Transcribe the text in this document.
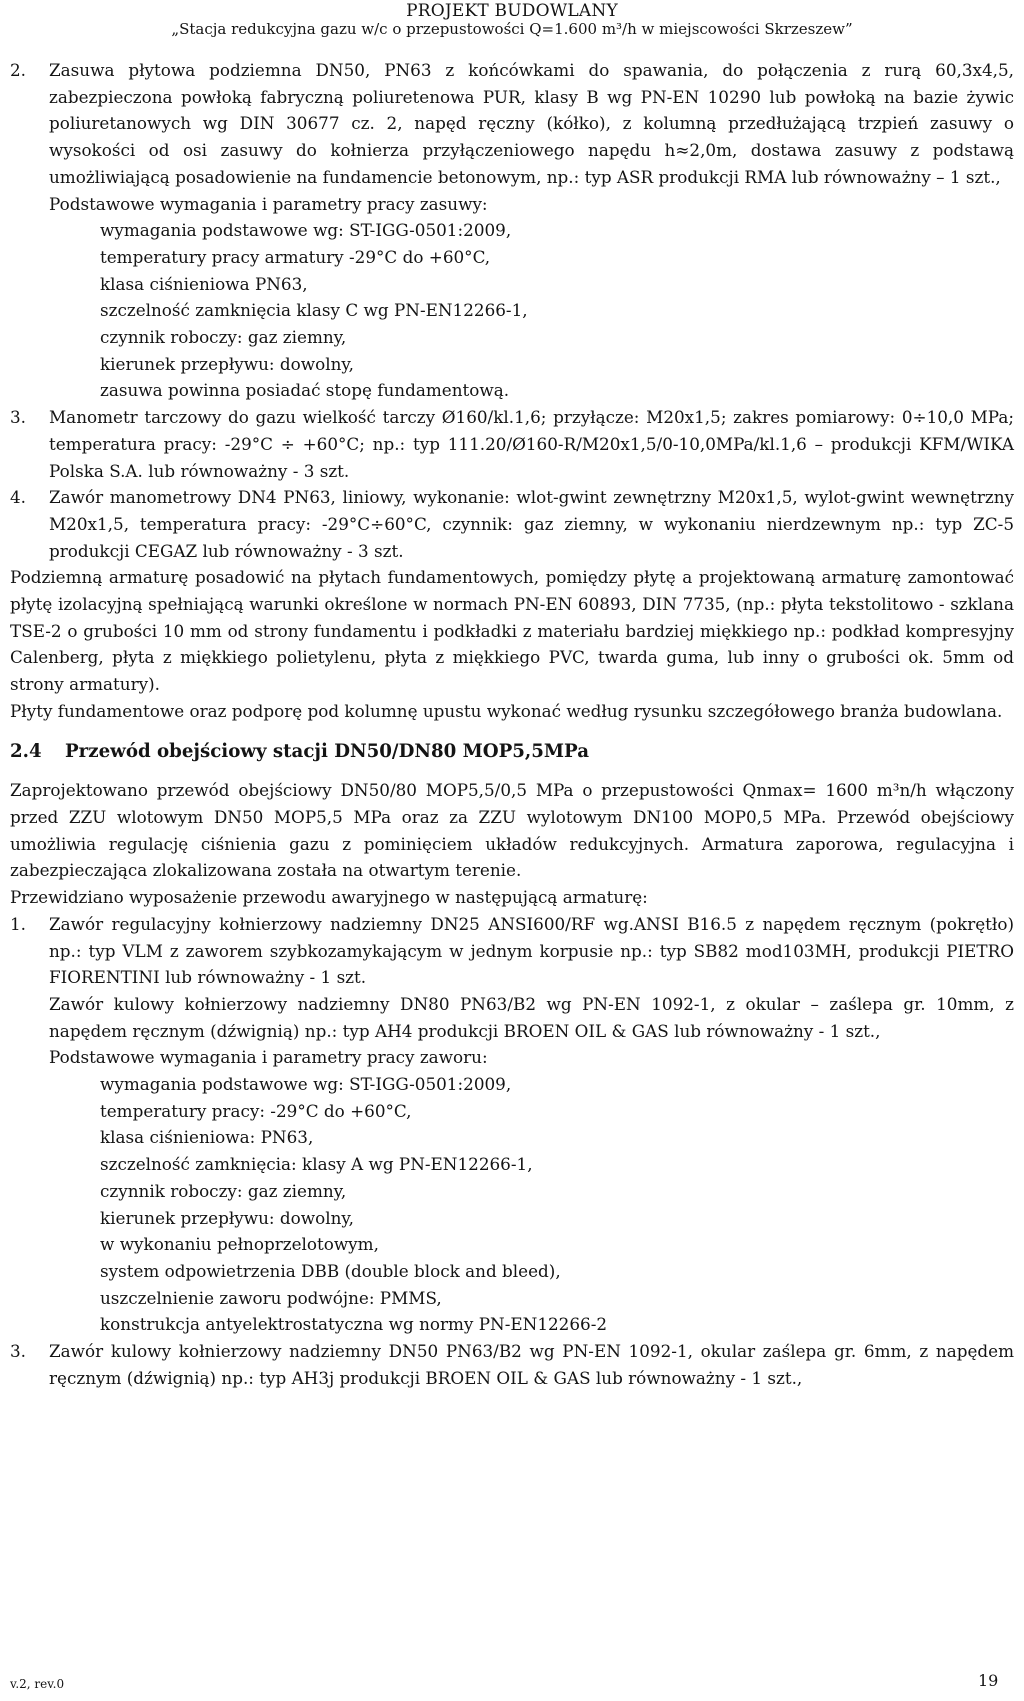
PROJEKT BUDOWLANY
„Stacja redukcyjna gazu w/c o przepustowości Q=1.600 m³/h w miejscowości Skrzeszew”
2.	Zasuwa płytowa podziemna DN50, PN63 z końcówkami do spawania, do połączenia z rurą 60,3x4,5, zabezpieczona powłoką fabryczną poliuretenowa PUR, klasy B wg PN-EN 10290 lub powłoką na bazie żywic poliuretanowych wg DIN 30677 cz. 2, napęd ręczny (kółko), z kolumną przedłużającą trzpień zasuwy o wysokości od osi zasuwy do kołnierza przyłączeniowego napędu h≈2,0m, dostawa zasuwy z podstawą umożliwiającą posadowienie na fundamencie betonowym, np.: typ ASR produkcji RMA lub równoważny – 1 szt.,
Podstawowe wymagania i parametry pracy zasuwy:
wymagania podstawowe wg: ST-IGG-0501:2009,
temperatury pracy armatury -29°C do +60°C,
klasa ciśnieniowa PN63,
szczelność zamknięcia klasy C wg PN-EN12266-1,
czynnik roboczy: gaz ziemny,
kierunek przepływu: dowolny,
zasuwa powinna posiadać stopę fundamentową.
3.	Manometr tarczowy do gazu wielkość tarczy Ø160/kl.1,6; przyłącze: M20x1,5; zakres pomiarowy: 0÷10,0 MPa; temperatura pracy: -29°C ÷ +60°C; np.: typ 111.20/Ø160-R/M20x1,5/0-10,0MPa/kl.1,6 – produkcji KFM/WIKA Polska S.A. lub równoważny - 3 szt.
4.	Zawór manometrowy DN4 PN63, liniowy, wykonanie: wlot-gwint zewnętrzny M20x1,5, wylot-gwint wewnętrzny M20x1,5, temperatura pracy: -29°C÷60°C, czynnik: gaz ziemny, w wykonaniu nierdzewnym np.: typ ZC-5 produkcji CEGAZ lub równoważny - 3 szt.

Podziemną armaturę posadowić na płytach fundamentowych, pomiędzy płytę a projektowaną armaturę zamontować płytę izolacyjną spełniającą warunki określone w normach PN-EN 60893, DIN 7735, (np.: płyta tekstolitowo - szklana TSE-2 o grubości 10 mm od strony fundamentu i podkładki z materiału bardziej miękkiego np.: podkład kompresyjny Calenberg, płyta z miękkiego polietylenu, płyta z miękkiego PVC, twarda guma, lub inny o grubości ok. 5mm od strony armatury).

Płyty fundamentowe oraz podporę pod kolumnę upustu wykonać według rysunku szczegółowego branża budowlana.

2.4	Przewód obejściowy stacji DN50/DN80 MOP5,5MPa

Zaprojektowano przewód obejściowy DN50/80 MOP5,5/0,5 MPa o przepustowości Qnmax= 1600 m³n/h włączony przed ZZU wlotowym DN50 MOP5,5 MPa oraz za ZZU wylotowym DN100 MOP0,5 MPa. Przewód obejściowy umożliwia regulację ciśnienia gazu z pominięciem układów redukcyjnych. Armatura zaporowa, regulacyjna i zabezpieczająca zlokalizowana została na otwartym terenie.

Przewidziano wyposażenie przewodu awaryjnego w następującą armaturę:

1.	Zawór regulacyjny kołnierzowy nadziemny DN25 ANSI600/RF wg.ANSI B16.5 z napędem ręcznym (pokrętło) np.: typ VLM z zaworem szybkozamykającym w jednym korpusie np.: typ SB82 mod103MH, produkcji PIETRO FIORENTINI lub równoważny - 1 szt.
Zawór kulowy kołnierzowy nadziemny DN80 PN63/B2 wg PN-EN 1092-1, z okular – zaślepa gr. 10mm, z napędem ręcznym (dźwignią) np.: typ AH4 produkcji BROEN OIL & GAS lub równoważny - 1 szt.,
Podstawowe wymagania i parametry pracy zaworu:
wymagania podstawowe wg: ST-IGG-0501:2009,
temperatury pracy: -29°C do +60°C,
klasa ciśnieniowa: PN63,
szczelność zamknięcia: klasy A wg PN-EN12266-1,
czynnik roboczy: gaz ziemny,
kierunek przepływu: dowolny,
w wykonaniu pełnoprzelotowym,
system odpowietrzenia DBB (double block and bleed),
uszczelnienie zaworu podwójne: PMMS,
konstrukcja antyelektrostatyczna wg normy PN-EN12266-2
3.	Zawór kulowy kołnierzowy nadziemny DN50 PN63/B2 wg PN-EN 1092-1, okular zaślepa gr. 6mm, z napędem ręcznym (dźwignią) np.: typ AH3j produkcji BROEN OIL & GAS lub równoważny - 1 szt.,
v.2, rev.0	19
